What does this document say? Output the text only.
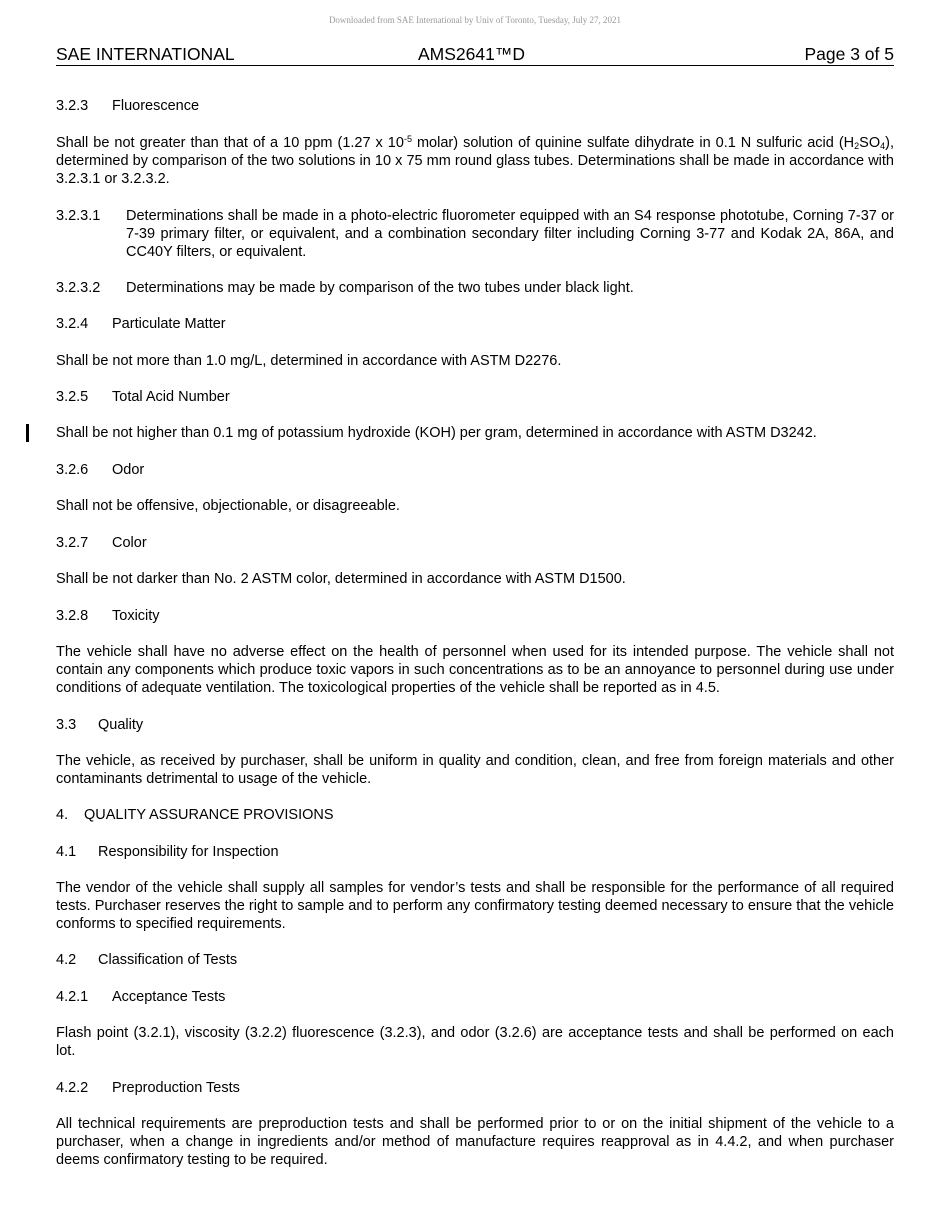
Downloaded from SAE International by Univ of Toronto, Tuesday, July 27, 2021
SAE INTERNATIONAL	AMS2641™D	Page 3 of 5
3.2.3 Fluorescence
Shall be not greater than that of a 10 ppm (1.27 x $10^{-5}$ molar) solution of quinine sulfate dihydrate in 0.1 N sulfuric acid $(H_2SO_4)$, determined by comparison of the two solutions in 10 x 75 mm round glass tubes. Determinations shall be made in accordance with 3.2.3.1 or 3.2.3.2.
3.2.3.1	Determinations shall be made in a photo-electric fluorometer equipped with an S4 response phototube, Corning 7-37 or 7-39 primary filter, or equivalent, and a combination secondary filter including Corning 3-77 and Kodak 2A, 86A, and CC40Y filters, or equivalent.
3.2.3.2	Determinations may be made by comparison of the two tubes under black light.
3.2.4 Particulate Matter
Shall be not more than 1.0 mg/L, determined in accordance with ASTM D2276.
3.2.5 Total Acid Number
Shall be not higher than 0.1 mg of potassium hydroxide (KOH) per gram, determined in accordance with ASTM D3242.
3.2.6 Odor
Shall not be offensive, objectionable, or disagreeable.
3.2.7 Color
Shall be not darker than No. 2 ASTM color, determined in accordance with ASTM D1500.
3.2.8 Toxicity
The vehicle shall have no adverse effect on the health of personnel when used for its intended purpose. The vehicle shall not contain any components which produce toxic vapors in such concentrations as to be an annoyance to personnel during use under conditions of adequate ventilation. The toxicological properties of the vehicle shall be reported as in 4.5.
3.3 Quality
The vehicle, as received by purchaser, shall be uniform in quality and condition, clean, and free from foreign materials and other contaminants detrimental to usage of the vehicle.
4. QUALITY ASSURANCE PROVISIONS
4.1 Responsibility for Inspection
The vendor of the vehicle shall supply all samples for vendor’s tests and shall be responsible for the performance of all required tests. Purchaser reserves the right to sample and to perform any confirmatory testing deemed necessary to ensure that the vehicle conforms to specified requirements.
4.2 Classification of Tests
4.2.1 Acceptance Tests
Flash point (3.2.1), viscosity (3.2.2) fluorescence (3.2.3), and odor (3.2.6) are acceptance tests and shall be performed on each lot.
4.2.2 Preproduction Tests
All technical requirements are preproduction tests and shall be performed prior to or on the initial shipment of the vehicle to a purchaser, when a change in ingredients and/or method of manufacture requires reapproval as in 4.4.2, and when purchaser deems confirmatory testing to be required.
